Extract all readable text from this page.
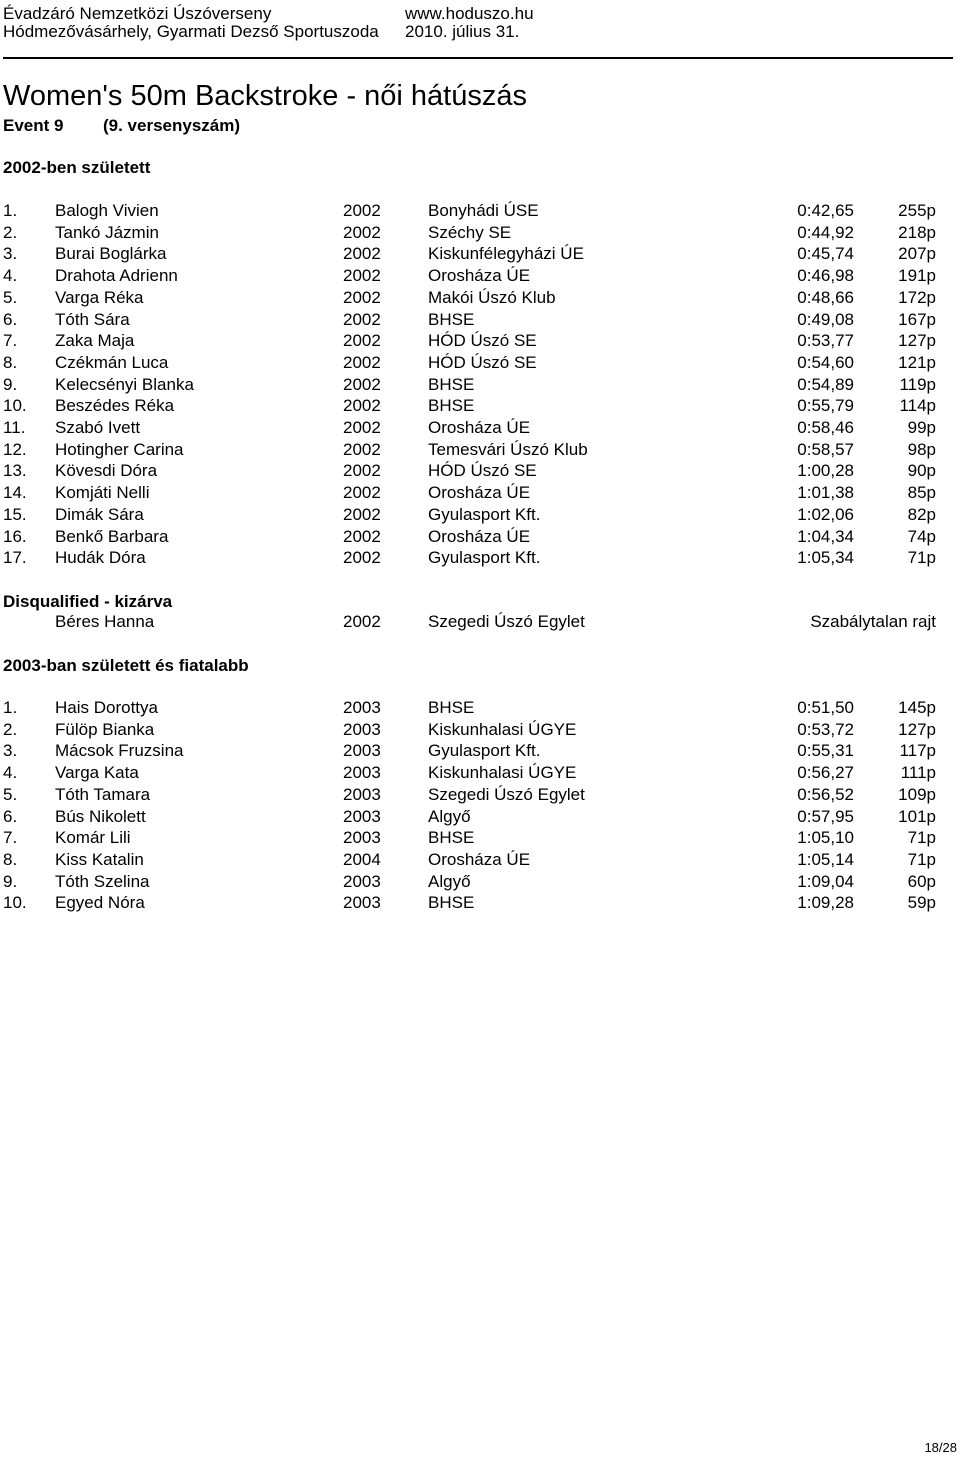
Évadzáró Nemzetközi Úszóverseny
Hódmezővásárhely, Gyarmati Dezső Sportuszoda
www.hoduszo.hu
2010. július 31.
Women's 50m Backstroke - női hátúszás
Event 9 (9. versenyszám)
2002-ben született
1. Balogh Vivien	2002	Bonyhádi ÚSE	0:42,65	255p
2. Tankó Jázmin	2002	Széchy SE	0:44,92	218p
3. Burai Boglárka	2002	Kiskunfélegyházi ÚE	0:45,74	207p
4. Drahota Adrienn	2002	Orosháza ÚE	0:46,98	191p
5. Varga Réka	2002	Makói Úszó Klub	0:48,66	172p
6. Tóth Sára	2002	BHSE	0:49,08	167p
7. Zaka Maja	2002	HÓD Úszó SE	0:53,77	127p
8. Czékmán Luca	2002	HÓD Úszó SE	0:54,60	121p
9. Kelecsényi Blanka	2002	BHSE	0:54,89	119p
10. Beszédes Réka	2002	BHSE	0:55,79	114p
11. Szabó Ivett	2002	Orosháza ÚE	0:58,46	99p
12. Hotingher Carina	2002	Temesvári Úszó Klub	0:58,57	98p
13. Kövesdi Dóra	2002	HÓD Úszó SE	1:00,28	90p
14. Komjáti Nelli	2002	Orosháza ÚE	1:01,38	85p
15. Dimák Sára	2002	Gyulasport Kft.	1:02,06	82p
16. Benkő Barbara	2002	Orosháza ÚE	1:04,34	74p
17. Hudák Dóra	2002	Gyulasport Kft.	1:05,34	71p
Disqualified - kizárva
Béres Hanna	2002	Szegedi Úszó Egylet	Szabálytalan rajt
2003-ban született és fiatalabb
1. Hais Dorottya	2003	BHSE	0:51,50	145p
2. Fülöp Bianka	2003	Kiskunhalasi ÚGYE	0:53,72	127p
3. Mácsok Fruzsina	2003	Gyulasport Kft.	0:55,31	117p
4. Varga Kata	2003	Kiskunhalasi ÚGYE	0:56,27	111p
5. Tóth Tamara	2003	Szegedi Úszó Egylet	0:56,52	109p
6. Bús Nikolett	2003	Algyő	0:57,95	101p
7. Komár Lili	2003	BHSE	1:05,10	71p
8. Kiss Katalin	2004	Orosháza ÚE	1:05,14	71p
9. Tóth Szelina	2003	Algyő	1:09,04	60p
10. Egyed Nóra	2003	BHSE	1:09,28	59p
18/28
